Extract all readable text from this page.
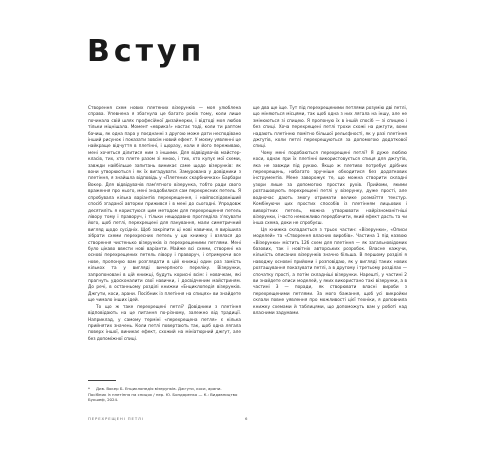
Вступ

Створення схем нових плетених візерунків — моя улюблена справа. Упевнена я збагнула це багато років тому, коли лише починала свій шлях професійної дизайнерки, і відтоді моя любов тільки міцнішала. Момент «еврика!» настає тоді, коли ти раптом бачиш, як одна пара у поєднанні з другою може дати несподівано інший рисунок і показати зовсім новий ефект. У моєму уявленні це найкраще відчуття в плетінні, і щоразу, коли я його переживаю, мені хочеться ділитися ним з іншими. Для відвідувачів майстер-класів, тих, хто плете разом зі мною, і тих, хто купує мої схеми, завжди найбільше запитань виникає саме щодо візерунків: як вони утворюються і як їх вигадувати. Замурована у довідники з плетіння, я знайшла відповідь у «Плетених скарбничках» Барбари Вокер. Для відвідувачів пам'ятного візерунка, тобто ради свого враження про нього, мені знадобилися сам перехресних петель. Я спробувала кілька варіантів перехрещення, і найпослідовніший спосіб згаданої авторки прижився і в мені до сьогодні. Упродовж десятиліть я користуюся цим методом для перехрещення петель лівору тому і праворуч, і тільки нещодавно прогледіла з'ясувати його, щоб петлі, перехрещені для панування, мали симетричний вигляд щодо сусідніх. Щоб закріпити ці нові навички, я вирішила зібрати схеми перехресних петель у цю книжку і взялася до створення чистенько візерунків із перехрещеними петлями. Мені було цікаво ввести нові варіанти. Майже всі схеми, створені на основі перехрещених петель лівору і праворуч, і отримуючи все нове, пропоную вам розглядати в цій книжці один раз замість кількох та у вигляді вичерпного переліку. Візерунки, запропоновані в цій книжці, будуть корисні всім: і новачкам, які прагнуть удосконалити свої навички, і досвідченим майстриням. До речі, в останньому розділі книжки «Енциклопедія візерунків. Джгути, коси, арани. Посібник із плетіння на спицях» ви знайдете ще чимало інших ідей.

То що ж таке перехрещені петлі? Довідники з плетіння відповідають на це питання по-різному, залежно від традиції. Наприклад, у самому терміні «перехрещена петля» є кілька прийнятих значень. Коли петлі повертають так, щоб одна лягала поверх іншої, виникає ефект, схожий на мініатюрний джгут, але без допоміжної спиці.

* Див. Вокер Б. Енциклопедія візерунків. Джгути, коси, арани. Посібник із плетіння на спицях / пер. Ю. Бондаренко — К.: Видавництво Букшеф, 2024.

ще два ще іще. Тут під перехрещеними петлями розумію дві петлі, що міняються місцями, так щоб одна з них лягала на іншу, але не змінюються зі спицею. Я пропоную їх в іншій спосіб — зі спицею і без спиці. Хоча перехрещені петлі трохи схожі на джгути, вони надають плетінню помітно більшої рельєфності, як у разі плетіння джгутів, коли петлі перехрещуються за допомогою додаткової спиці.

Чому мені подобаються перехрещені петлі? Я дуже люблю коси, однак при їх плетінні використовується спиця для джгутів, яка не завжди під рукою. Якщо ж плетиво потребує дрібних перехрещень, набагато зручніше обходитися без додаткових інструментів. Мене заворожує те, що можна створити складні узори лише за допомогою простих рухів. Прийоми, якими розташовують перехрещені петлі у візерунку, дуже прості, але водночас дають змогу отримати велике розмаїття текстур. Комбінуючи цих простих способів із плетінням лицьових і виворітних петель, можна утворювати найрізноманітніші візерунки, і часто неможливо передбачити, який ефект дасть та чи інша схема, доки не спробуєш.

Ця книжка складається з трьох частин: «Візерунки», «Описи моделей» та «Створення власних виробів». Частина 1 під назвою «Візерунки» містить 126 схем для плетіння — як загальновідомих базових, так і новітніх авторських розробок. Власне кажучи, кількість описаних візерунків значно більша. В першому розділі я наводжу основні прийоми і розповідаю, як у вигляді таких нових розташування показувати петлі, а в другому і третьому розділах — спочатку прості, а потім складніші візерунки. Нарешті, у частині 2 ви знайдете описи моделей, у яких використано такі візерунки, а в частині 3 — поради, як створювати власні вироби з перехрещеними петлями. За мого бажання, щоб усі викройки склали повне уявлення про можливості цієї техніки, я доповнила книжку схемами й таблицями, що допоможуть вам у роботі над власними задумами.

ПЕРЕХРЕЩЕНІ ПЕТЛІ	6
